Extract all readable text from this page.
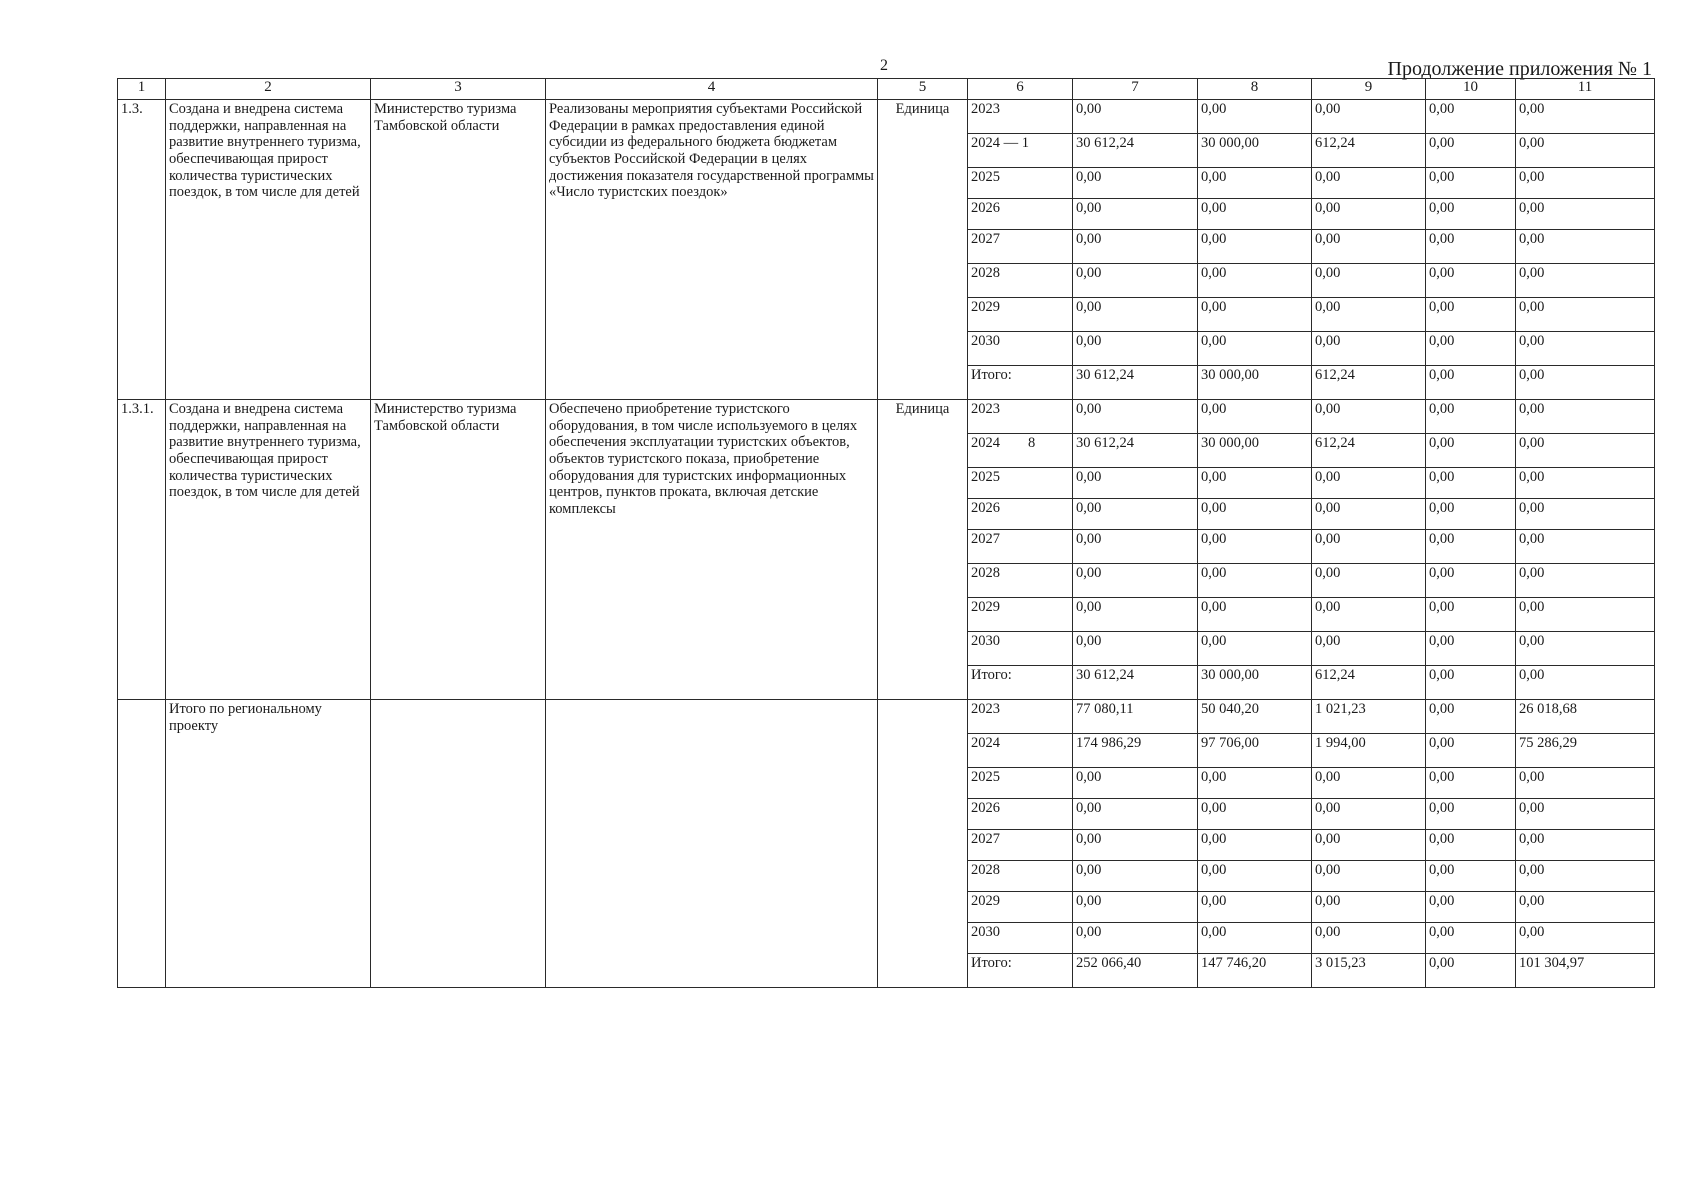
2	Продолжение приложения № 1
1	2	3	4	5	6	7	8	9	10	11
1.3.	Создана и внедрена система поддержки, направленная на развитие внутреннего туризма, обеспечивающая прирост количества туристических поездок, в том числе для детей	Министерство туризма Тамбовской области	Реализованы мероприятия субъектами Российской Федерации в рамках предоставления единой субсидии из федерального бюджета бюджетам субъектов Российской Федерации в целях достижения показателя государственной программы «Число туристских поездок»	Единица	2023	0,00	0,00	0,00	0,00	0,00
					2024 — 1	30 612,24	30 000,00	612,24	0,00	0,00
					2025	0,00	0,00	0,00	0,00	0,00
					2026	0,00	0,00	0,00	0,00	0,00
					2027	0,00	0,00	0,00	0,00	0,00
					2028	0,00	0,00	0,00	0,00	0,00
					2029	0,00	0,00	0,00	0,00	0,00
					2030	0,00	0,00	0,00	0,00	0,00
					Итого:	30 612,24	30 000,00	612,24	0,00	0,00
1.3.1.	Создана и внедрена система поддержки, направленная на развитие внутреннего туризма, обеспечивающая прирост количества туристических поездок, в том числе для детей	Министерство туризма Тамбовской области	Обеспечено приобретение туристского оборудования, в том числе используемого в целях обеспечения эксплуатации туристских объектов, объектов туристского показа, приобретение оборудования для туристских информационных центров, пунктов проката, включая детские комплексы	Единица	2023	0,00	0,00	0,00	0,00	0,00
					2024 8	30 612,24	30 000,00	612,24	0,00	0,00
					2025	0,00	0,00	0,00	0,00	0,00
					2026	0,00	0,00	0,00	0,00	0,00
					2027	0,00	0,00	0,00	0,00	0,00
					2028	0,00	0,00	0,00	0,00	0,00
					2029	0,00	0,00	0,00	0,00	0,00
					2030	0,00	0,00	0,00	0,00	0,00
					Итого:	30 612,24	30 000,00	612,24	0,00	0,00
	Итого по региональному проекту				2023	77 080,11	50 040,20	1 021,23	0,00	26 018,68
					2024	174 986,29	97 706,00	1 994,00	0,00	75 286,29
					2025	0,00	0,00	0,00	0,00	0,00
					2026	0,00	0,00	0,00	0,00	0,00
					2027	0,00	0,00	0,00	0,00	0,00
					2028	0,00	0,00	0,00	0,00	0,00
					2029	0,00	0,00	0,00	0,00	0,00
					2030	0,00	0,00	0,00	0,00	0,00
					Итого:	252 066,40	147 746,20	3 015,23	0,00	101 304,97
